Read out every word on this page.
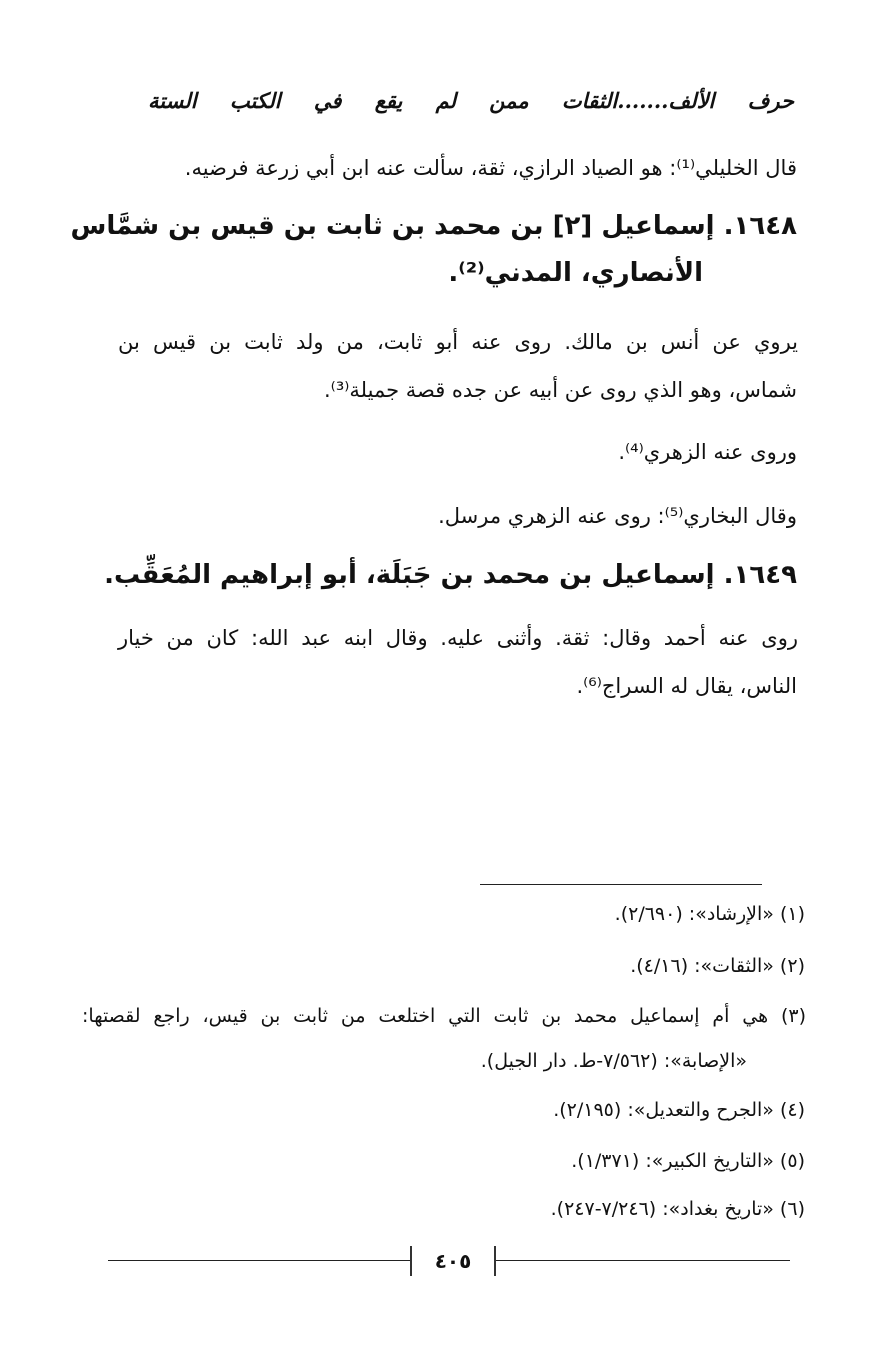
حرف الألف.......الثقات ممن لم يقع في الكتب الستة
قال الخليلي⁽¹⁾: هو الصياد الرازي، ثقة، سألت عنه ابن أبي زرعة فرضيه.
١٦٤٨. إسماعيل [٢] بن محمد بن ثابت بن قيس بن شمَّاس
الأنصاري، المدني⁽²⁾.
يروي عن أنس بن مالك. روى عنه أبو ثابت، من ولد ثابت بن قيس بن
شماس، وهو الذي روى عن أبيه عن جده قصة جميلة⁽³⁾.
وروى عنه الزهري⁽⁴⁾.
وقال البخاري⁽⁵⁾: روى عنه الزهري مرسل.
١٦٤٩. إسماعيل بن محمد بن جَبَلَة، أبو إبراهيم المُعَقِّب.
روى عنه أحمد وقال: ثقة. وأثنى عليه. وقال ابنه عبد الله: كان من خيار
الناس، يقال له السراج⁽⁶⁾.
(١) «الإرشاد»: (٢/٦٩٠).
(٢) «الثقات»: (٤/١٦).
(٣) هي أم إسماعيل محمد بن ثابت التي اختلعت من ثابت بن قيس، راجع لقصتها:
«الإصابة»: (٧/٥٦٢-ط. دار الجيل).
(٤) «الجرح والتعديل»: (٢/١٩٥).
(٥) «التاريخ الكبير»: (١/٣٧١).
(٦) «تاريخ بغداد»: (٧/٢٤٦-٢٤٧).
٤٠٥
